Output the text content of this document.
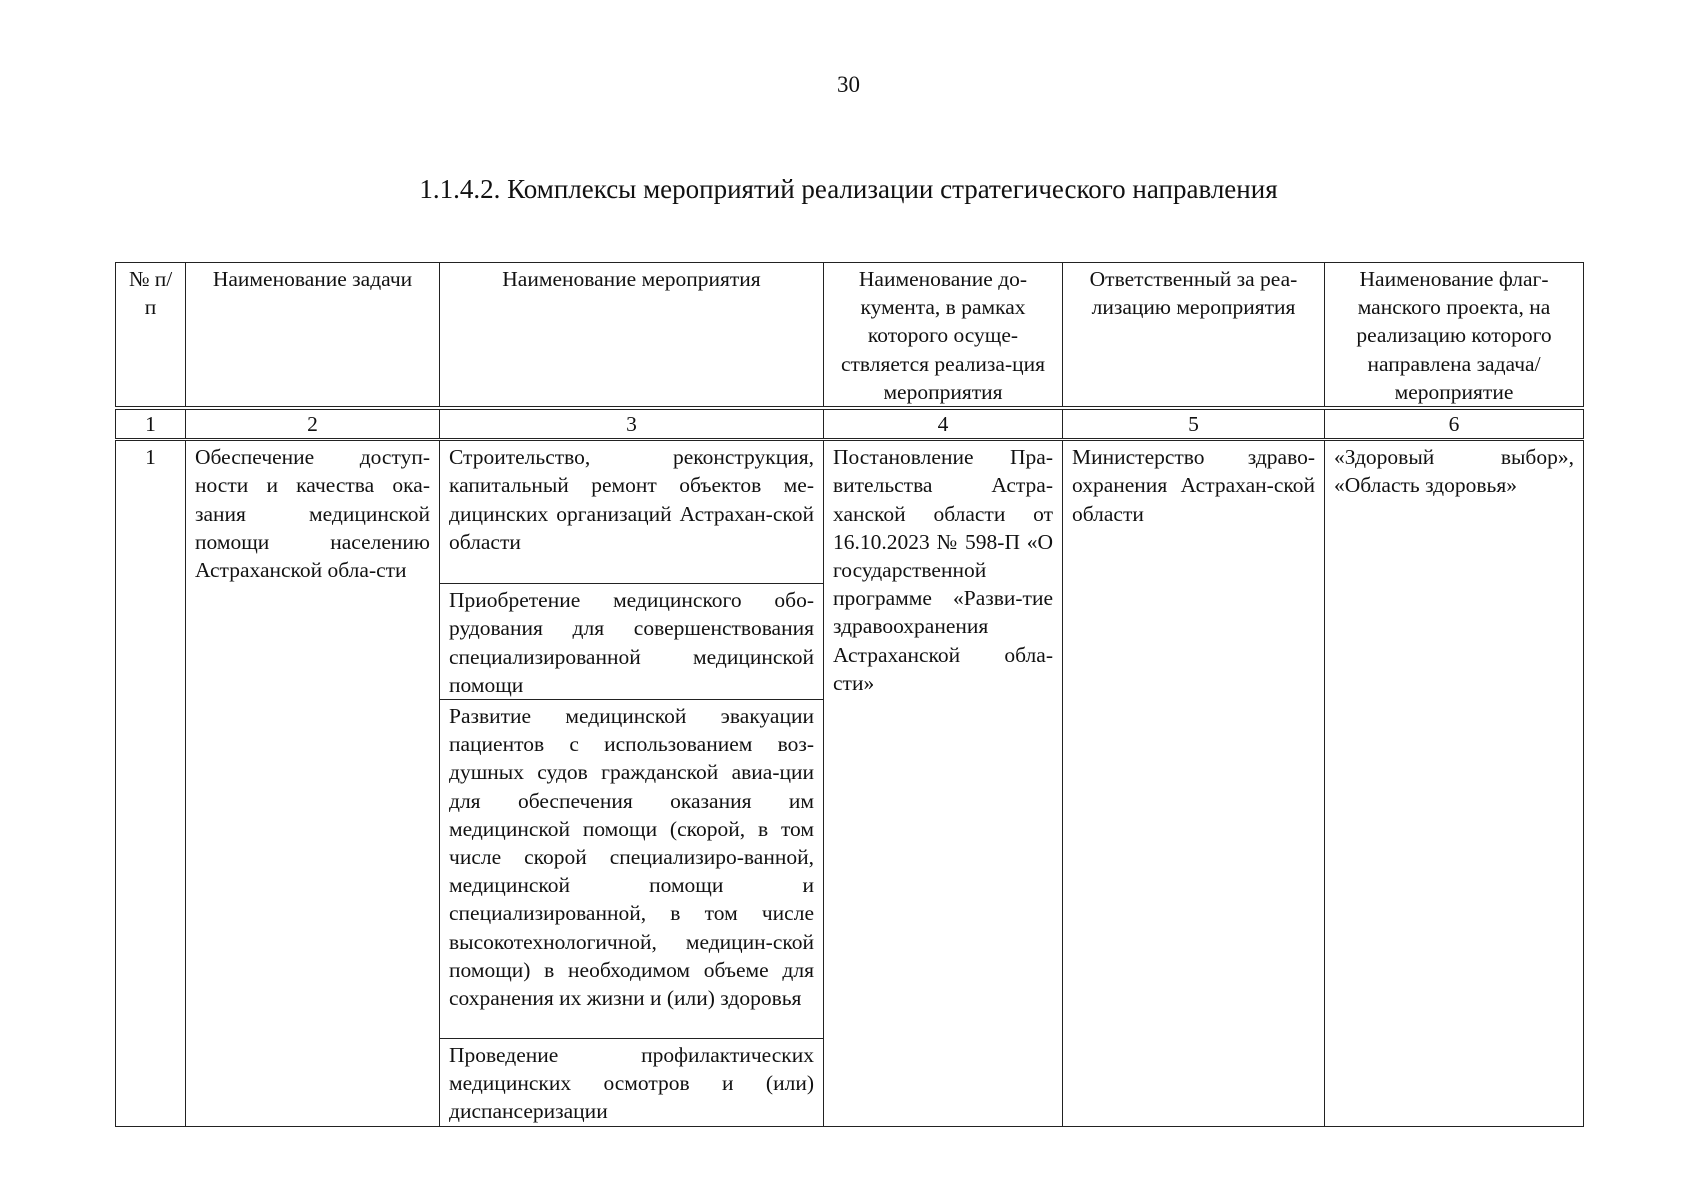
30
1.1.4.2. Комплексы мероприятий реализации стратегического направления
№ п/п	Наименование задачи	Наименование мероприятия	Наименование до-кумента, в рамках которого осуще-ствляется реализа-ция мероприятия	Ответственный за реа-лизацию мероприятия	Наименование флаг-манского проекта, на реализацию которого направлена задача/мероприятие
1	2	3	4	5	6
1	Обеспечение доступ-ности и качества ока-зания медицинской помощи населению Астраханской обла-сти	Строительство, реконструкция, капитальный ремонт объектов ме-дицинских организаций Астрахан-ской области	Постановление Пра-вительства Астра-ханской области от 16.10.2023 № 598-П «О государственной программе «Разви-тие здравоохранения Астраханской обла-сти»	Министерство здраво-охранения Астрахан-ской области	«Здоровый выбор», «Область здоровья»
		Приобретение медицинского обо-рудования для совершенствования специализированной медицинской помощи			
		Развитие медицинской эвакуации пациентов с использованием воз-душных судов гражданской авиа-ции для обеспечения оказания им медицинской помощи (скорой, в том числе скорой специализиро-ванной, медицинской помощи и специализированной, в том числе высокотехнологичной, медицин-ской помощи) в необходимом объеме для сохранения их жизни и (или) здоровья			
		Проведение профилактических медицинских осмотров и (или) диспансеризации			
